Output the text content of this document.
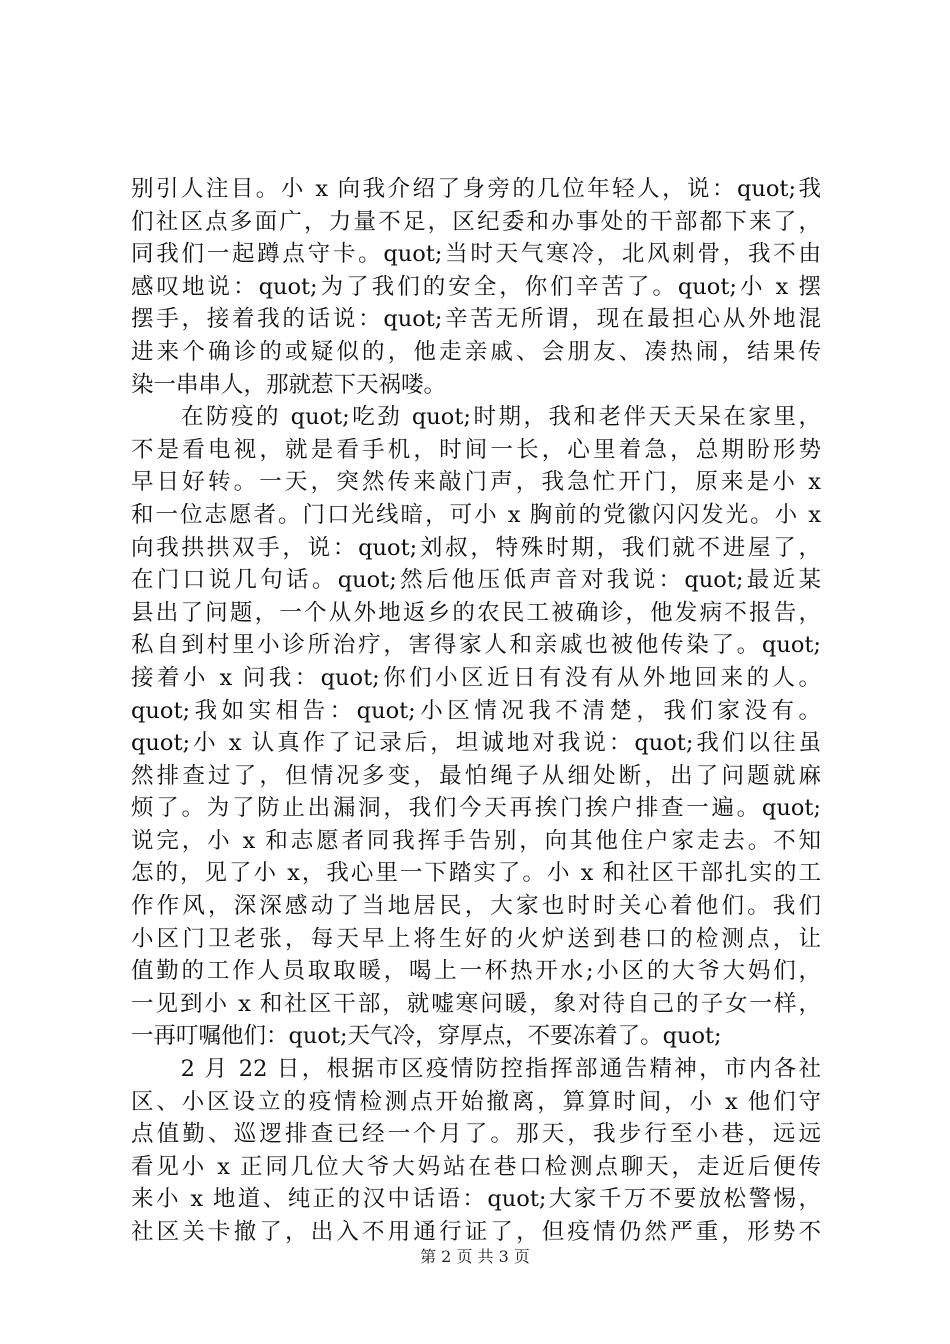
别引人注目。小 x 向我介绍了身旁的几位年轻人，说：quot;我
们社区点多面广，力量不足，区纪委和办事处的干部都下来了，
同我们一起蹲点守卡。quot;当时天气寒冷，北风刺骨，我不由
感叹地说：quot;为了我们的安全，你们辛苦了。quot;小 x 摆
摆手，接着我的话说：quot;辛苦无所谓，现在最担心从外地混
进来个确诊的或疑似的，他走亲戚、会朋友、凑热闹，结果传
染一串串人，那就惹下天祸喽。
　　在防疫的 quot;吃劲 quot;时期，我和老伴天天呆在家里，
不是看电视，就是看手机，时间一长，心里着急，总期盼形势
早日好转。一天，突然传来敲门声，我急忙开门，原来是小 x
和一位志愿者。门口光线暗，可小 x 胸前的党徽闪闪发光。小 x
向我拱拱双手，说：quot;刘叔，特殊时期，我们就不进屋了，
在门口说几句话。quot;然后他压低声音对我说：quot;最近某
县出了问题，一个从外地返乡的农民工被确诊，他发病不报告，
私自到村里小诊所治疗，害得家人和亲戚也被他传染了。quot;
接着小 x 问我：quot;你们小区近日有没有从外地回来的人。
quot;我如实相告：quot;小区情况我不清楚，我们家没有。
quot;小 x 认真作了记录后，坦诚地对我说：quot;我们以往虽
然排查过了，但情况多变，最怕绳子从细处断，出了问题就麻
烦了。为了防止出漏洞，我们今天再挨门挨户排查一遍。quot;
说完，小 x 和志愿者同我挥手告别，向其他住户家走去。不知
怎的，见了小 x，我心里一下踏实了。小 x 和社区干部扎实的工
作作风，深深感动了当地居民，大家也时时关心着他们。我们
小区门卫老张，每天早上将生好的火炉送到巷口的检测点，让
值勤的工作人员取取暖，喝上一杯热开水;小区的大爷大妈们，
一见到小 x 和社区干部，就嘘寒问暖，象对待自己的子女一样，
一再叮嘱他们：quot;天气冷，穿厚点，不要冻着了。quot;
　　2 月 22 日，根据市区疫情防控指挥部通告精神，市内各社
区、小区设立的疫情检测点开始撤离，算算时间，小 x 他们守
点值勤、巡逻排查已经一个月了。那天，我步行至小巷，远远
看见小 x 正同几位大爷大妈站在巷口检测点聊天，走近后便传
来小 x 地道、纯正的汉中话语：quot;大家千万不要放松警惕，
社区关卡撤了，出入不用通行证了，但疫情仍然严重，形势不
第 2 页 共 3 页
